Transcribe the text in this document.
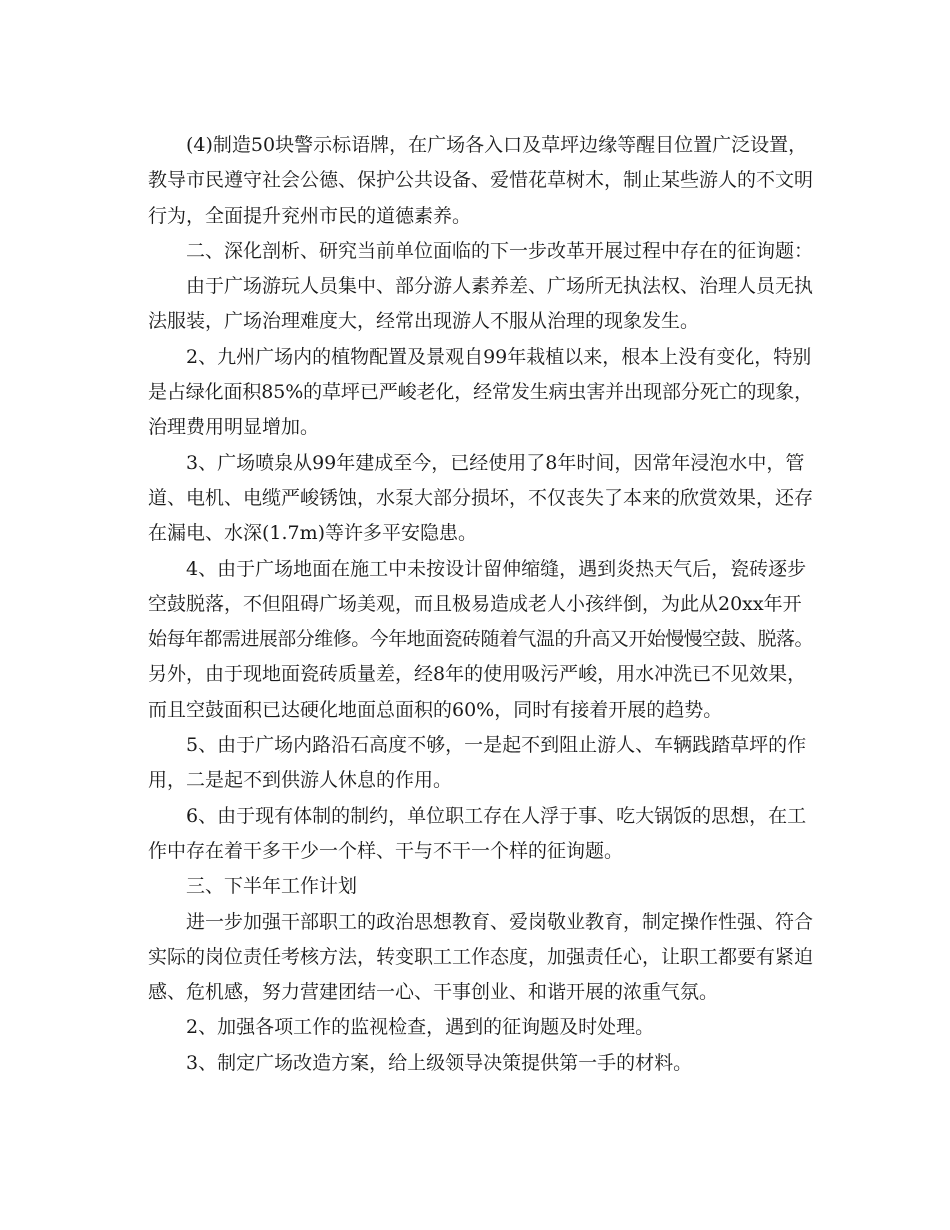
(4)制造50块警示标语牌，在广场各入口及草坪边缘等醒目位置广泛设置，
教导市民遵守社会公德、保护公共设备、爱惜花草树木，制止某些游人的不文明
行为，全面提升兖州市民的道德素养。
二、深化剖析、研究当前单位面临的下一步改革开展过程中存在的征询题：
由于广场游玩人员集中、部分游人素养差、广场所无执法权、治理人员无执
法服装，广场治理难度大，经常出现游人不服从治理的现象发生。
2、九州广场内的植物配置及景观自99年栽植以来，根本上没有变化，特别
是占绿化面积85%的草坪已严峻老化，经常发生病虫害并出现部分死亡的现象，
治理费用明显增加。
3、广场喷泉从99年建成至今，已经使用了8年时间，因常年浸泡水中，管
道、电机、电缆严峻锈蚀，水泵大部分损坏，不仅丧失了本来的欣赏效果，还存
在漏电、水深(1.7m)等许多平安隐患。
4、由于广场地面在施工中未按设计留伸缩缝，遇到炎热天气后，瓷砖逐步
空鼓脱落，不但阻碍广场美观，而且极易造成老人小孩绊倒，为此从20xx年开
始每年都需进展部分维修。今年地面瓷砖随着气温的升高又开始慢慢空鼓、脱落。
另外，由于现地面瓷砖质量差，经8年的使用吸污严峻，用水冲洗已不见效果，
而且空鼓面积已达硬化地面总面积的60%，同时有接着开展的趋势。
5、由于广场内路沿石高度不够，一是起不到阻止游人、车辆践踏草坪的作
用，二是起不到供游人休息的作用。
6、由于现有体制的制约，单位职工存在人浮于事、吃大锅饭的思想，在工
作中存在着干多干少一个样、干与不干一个样的征询题。
三、下半年工作计划
进一步加强干部职工的政治思想教育、爱岗敬业教育，制定操作性强、符合
实际的岗位责任考核方法，转变职工工作态度，加强责任心，让职工都要有紧迫
感、危机感，努力营建团结一心、干事创业、和谐开展的浓重气氛。
2、加强各项工作的监视检查，遇到的征询题及时处理。
3、制定广场改造方案，给上级领导决策提供第一手的材料。
